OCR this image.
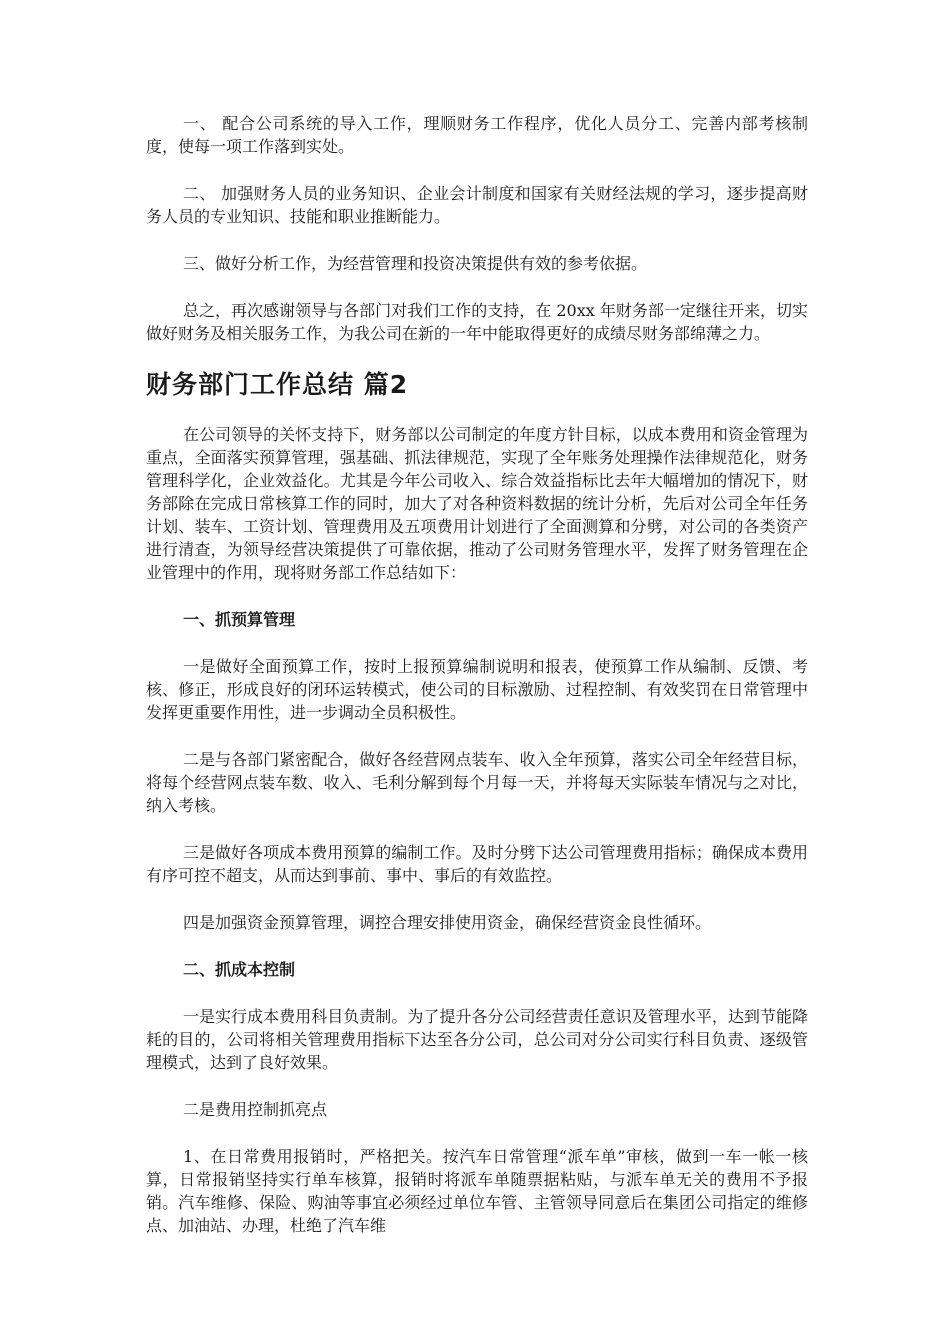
一、 配合公司系统的导入工作，理顺财务工作程序，优化人员分工、完善内部考核制度，使每一项工作落到实处。

二、 加强财务人员的业务知识、企业会计制度和国家有关财经法规的学习，逐步提高财务人员的专业知识、技能和职业推断能力。

三、做好分析工作，为经营管理和投资决策提供有效的参考依据。

总之，再次感谢领导与各部门对我们工作的支持，在 20xx 年财务部一定继往开来，切实做好财务及相关服务工作，为我公司在新的一年中能取得更好的成绩尽财务部绵薄之力。

财务部门工作总结 篇2

在公司领导的关怀支持下，财务部以公司制定的年度方针目标，以成本费用和资金管理为重点，全面落实预算管理，强基础、抓法律规范，实现了全年账务处理操作法律规范化，财务管理科学化，企业效益化。尤其是今年公司收入、综合效益指标比去年大幅增加的情况下，财务部除在完成日常核算工作的同时，加大了对各种资料数据的统计分析，先后对公司全年任务计划、装车、工资计划、管理费用及五项费用计划进行了全面测算和分劈，对公司的各类资产进行清查，为领导经营决策提供了可靠依据，推动了公司财务管理水平，发挥了财务管理在企业管理中的作用，现将财务部工作总结如下：

一、抓预算管理

一是做好全面预算工作，按时上报预算编制说明和报表，使预算工作从编制、反馈、考核、修正，形成良好的闭环运转模式，使公司的目标激励、过程控制、有效奖罚在日常管理中发挥更重要作用性，进一步调动全员积极性。

二是与各部门紧密配合，做好各经营网点装车、收入全年预算，落实公司全年经营目标，将每个经营网点装车数、收入、毛利分解到每个月每一天，并将每天实际装车情况与之对比，纳入考核。

三是做好各项成本费用预算的编制工作。及时分劈下达公司管理费用指标；确保成本费用有序可控不超支，从而达到事前、事中、事后的有效监控。

四是加强资金预算管理，调控合理安排使用资金，确保经营资金良性循环。

二、抓成本控制

一是实行成本费用科目负责制。为了提升各分公司经营责任意识及管理水平，达到节能降耗的目的，公司将相关管理费用指标下达至各分公司，总公司对分公司实行科目负责、逐级管理模式，达到了良好效果。

二是费用控制抓亮点

1、在日常费用报销时，严格把关。按汽车日常管理“派车单”审核，做到一车一帐一核算，日常报销坚持实行单车核算，报销时将派车单随票据粘贴，与派车单无关的费用不予报销。汽车维修、保险、购油等事宜必须经过单位车管、主管领导同意后在集团公司指定的维修点、加油站、办理，杜绝了汽车维
